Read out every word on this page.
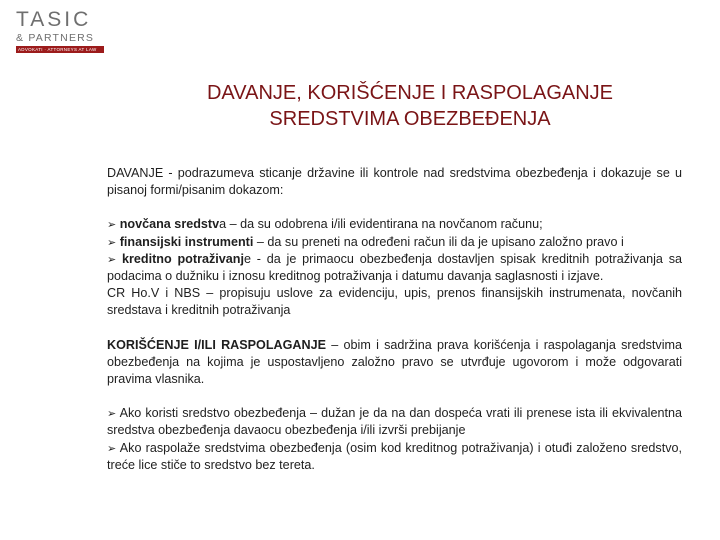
TASIC
& PARTNERS
ADVOKATI · ATTORNEYS AT LAW
DAVANJE, KORIŠĆENJE I RASPOLAGANJE
SREDSTVIMA OBEZBEĐENJA

DAVANJE - podrazumeva sticanje državine ili kontrole nad sredstvima obezbeđenja i dokazuje se u pisanoj formi/pisanim dokazom:

➢ novčana sredstva – da su odobrena i/ili evidentirana na novčanom računu;

➢ finansijski instrumenti – da su preneti na određeni račun ili da je upisano založno pravo i

➢ kreditno potraživanje - da je primaocu obezbeđenja dostavljen spisak kreditnih potraživanja sa podacima o dužniku i iznosu kreditnog potraživanja i datumu davanja saglasnosti i izjave.

CR Ho.V i NBS – propisuju uslove za evidenciju, upis, prenos finansijskih instrumenata, novčanih sredstava i kreditnih potraživanja

KORIŠĆENJE I/ILI RASPOLAGANJE – obim i sadržina prava korišćenja i raspolaganja sredstvima obezbeđenja na kojima je uspostavljeno založno pravo se utvrđuje ugovorom i može odgovarati pravima vlasnika.

➢ Ako koristi sredstvo obezbeđenja – dužan je da na dan dospeća vrati ili prenese ista ili ekvivalentna sredstva obezbeđenja davaocu obezbeđenja i/ili izvrši prebijanje

➢ Ako raspolaže sredstvima obezbeđenja (osim kod kreditnog potraživanja) i otuđi založeno sredstvo, treće lice stiče to sredstvo bez tereta.
